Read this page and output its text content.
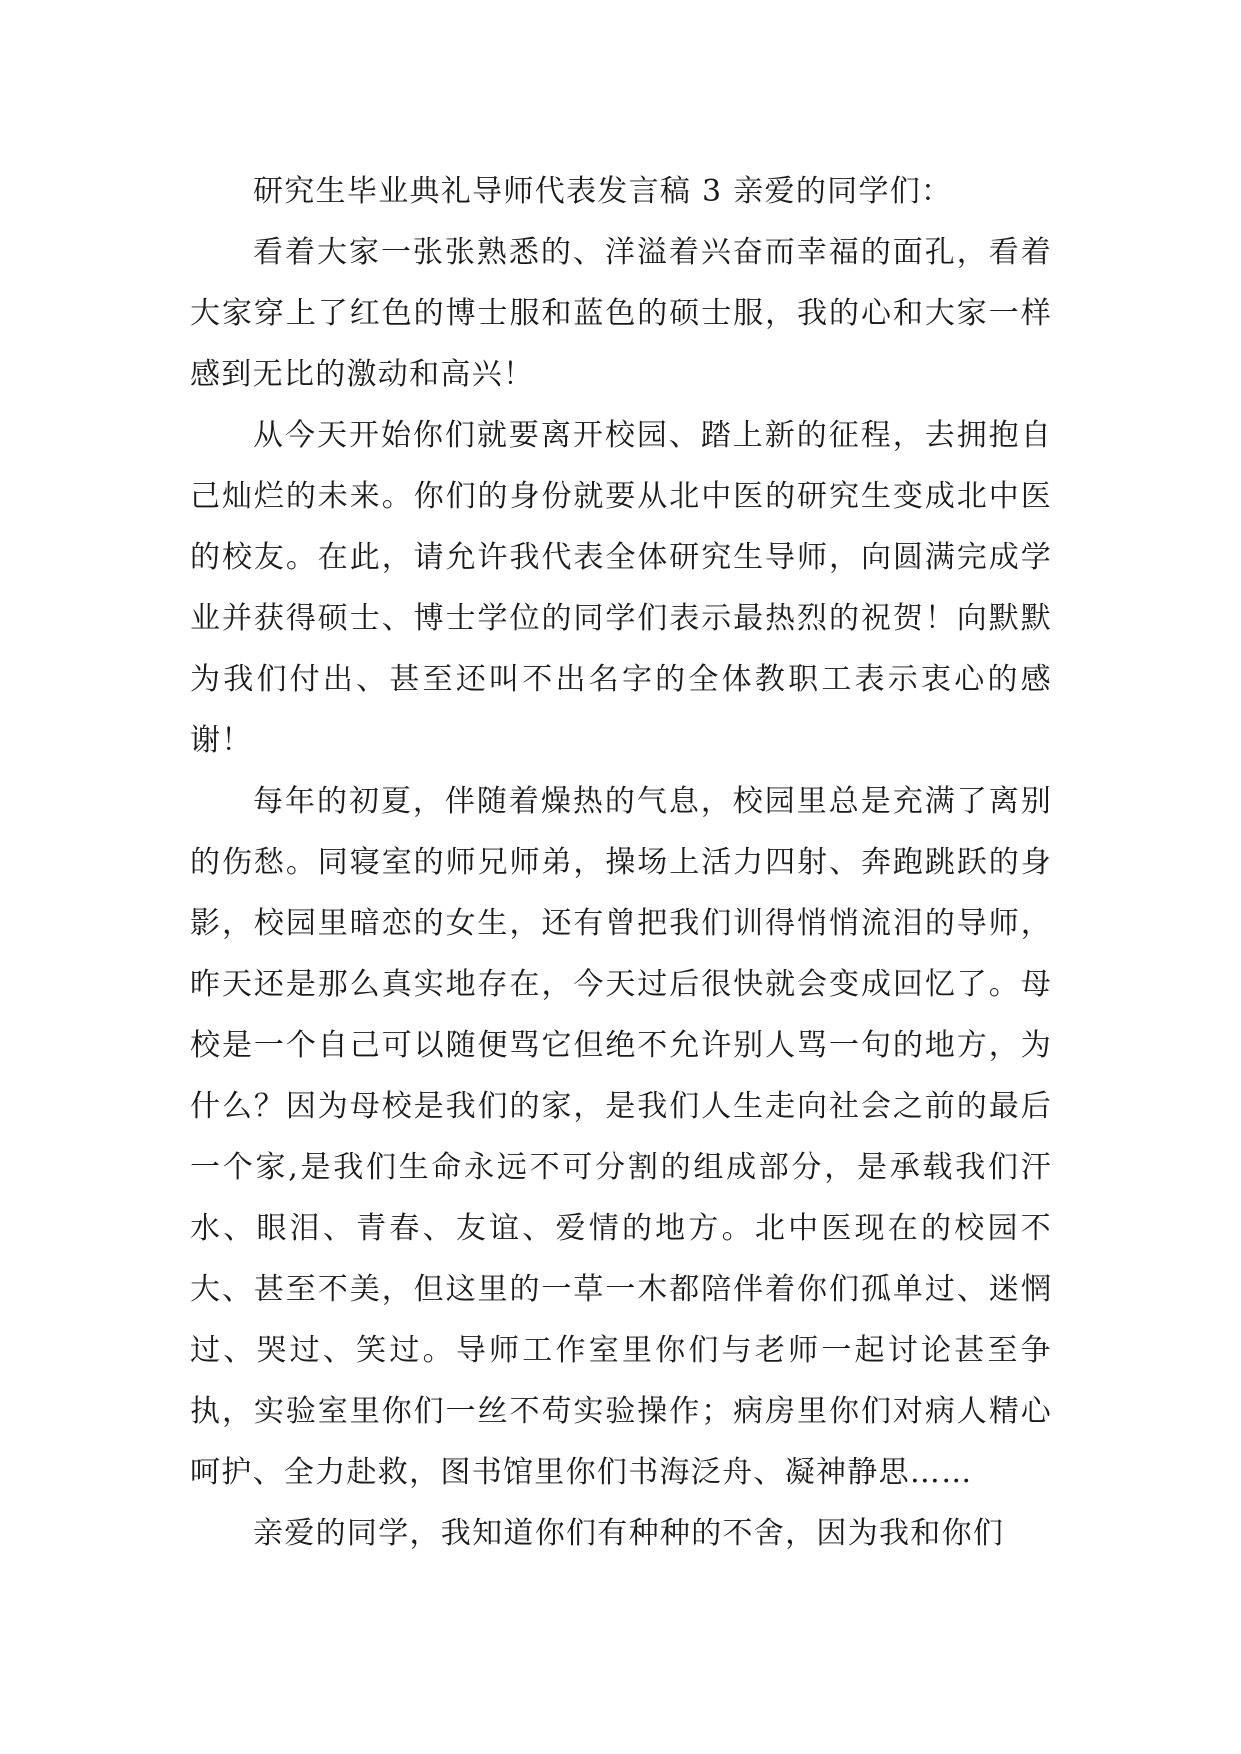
研究生毕业典礼导师代表发言稿 3 亲爱的同学们：

看着大家一张张熟悉的、洋溢着兴奋而幸福的面孔，看着大家穿上了红色的博士服和蓝色的硕士服，我的心和大家一样感到无比的激动和高兴！

从今天开始你们就要离开校园、踏上新的征程，去拥抱自己灿烂的未来。你们的身份就要从北中医的研究生变成北中医的校友。在此，请允许我代表全体研究生导师，向圆满完成学业并获得硕士、博士学位的同学们表示最热烈的祝贺！向默默为我们付出、甚至还叫不出名字的全体教职工表示衷心的感谢！

每年的初夏，伴随着燥热的气息，校园里总是充满了离别的伤愁。同寝室的师兄师弟，操场上活力四射、奔跑跳跃的身影，校园里暗恋的女生，还有曾把我们训得悄悄流泪的导师，昨天还是那么真实地存在，今天过后很快就会变成回忆了。母校是一个自己可以随便骂它但绝不允许别人骂一句的地方，为什么？因为母校是我们的家，是我们人生走向社会之前的最后一个家,是我们生命永远不可分割的组成部分，是承载我们汗水、眼泪、青春、友谊、爱情的地方。北中医现在的校园不大、甚至不美，但这里的一草一木都陪伴着你们孤单过、迷惘过、哭过、笑过。导师工作室里你们与老师一起讨论甚至争执，实验室里你们一丝不苟实验操作；病房里你们对病人精心呵护、全力赴救，图书馆里你们书海泛舟、凝神静思……

亲爱的同学，我知道你们有种种的不舍，因为我和你们
